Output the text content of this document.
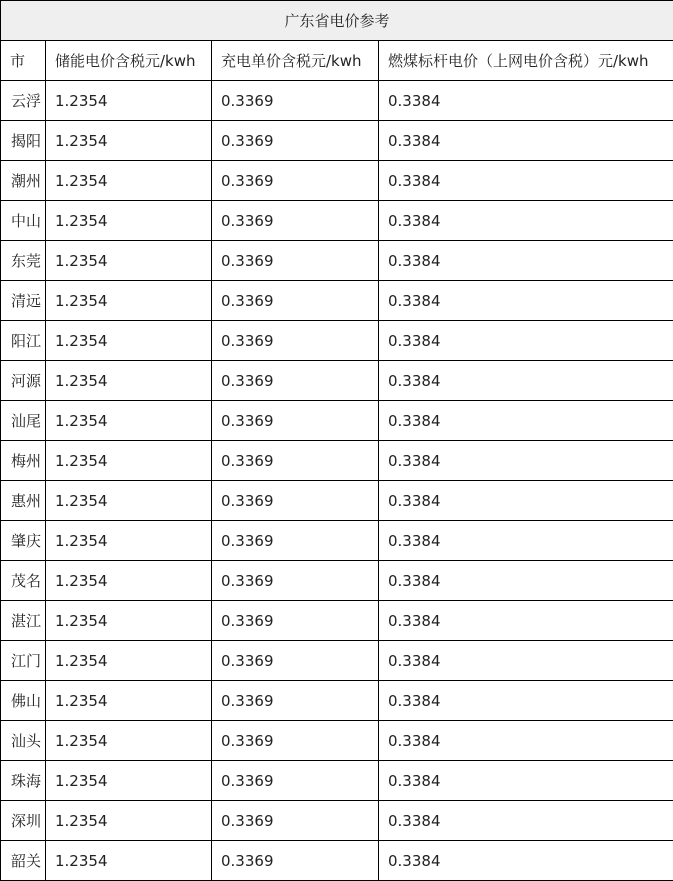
广东省电价参考			
市	储能电价含税元/kwh	充电单价含税元/kwh	燃煤标杆电价（上网电价含税）元/kwh
云浮	1.2354	0.3369	0.3384
揭阳	1.2354	0.3369	0.3384
潮州	1.2354	0.3369	0.3384
中山	1.2354	0.3369	0.3384
东莞	1.2354	0.3369	0.3384
清远	1.2354	0.3369	0.3384
阳江	1.2354	0.3369	0.3384
河源	1.2354	0.3369	0.3384
汕尾	1.2354	0.3369	0.3384
梅州	1.2354	0.3369	0.3384
惠州	1.2354	0.3369	0.3384
肇庆	1.2354	0.3369	0.3384
茂名	1.2354	0.3369	0.3384
湛江	1.2354	0.3369	0.3384
江门	1.2354	0.3369	0.3384
佛山	1.2354	0.3369	0.3384
汕头	1.2354	0.3369	0.3384
珠海	1.2354	0.3369	0.3384
深圳	1.2354	0.3369	0.3384
韶关	1.2354	0.3369	0.3384
